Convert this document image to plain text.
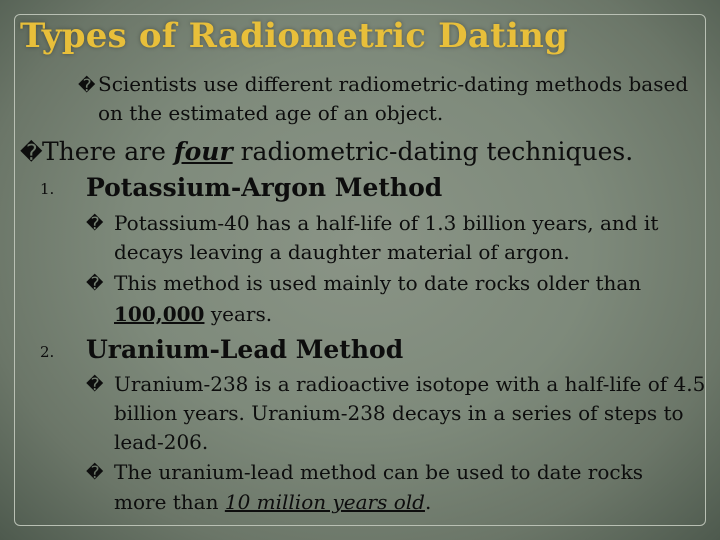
Types of Radiometric Dating
� Scientists use different radiometric-dating methods based
on the estimated age of an object.
�There are four radiometric-dating techniques.
1. Potassium-Argon Method
� Potassium-40 has a half-life of 1.3 billion years, and it
decays leaving a daughter material of argon.
� This method is used mainly to date rocks older than
100,000 years.
2. Uranium-Lead Method
� Uranium-238 is a radioactive isotope with a half-life of 4.5
billion years. Uranium-238 decays in a series of steps to
lead-206.
� The uranium-lead method can be used to date rocks
more than 10 million years old.
